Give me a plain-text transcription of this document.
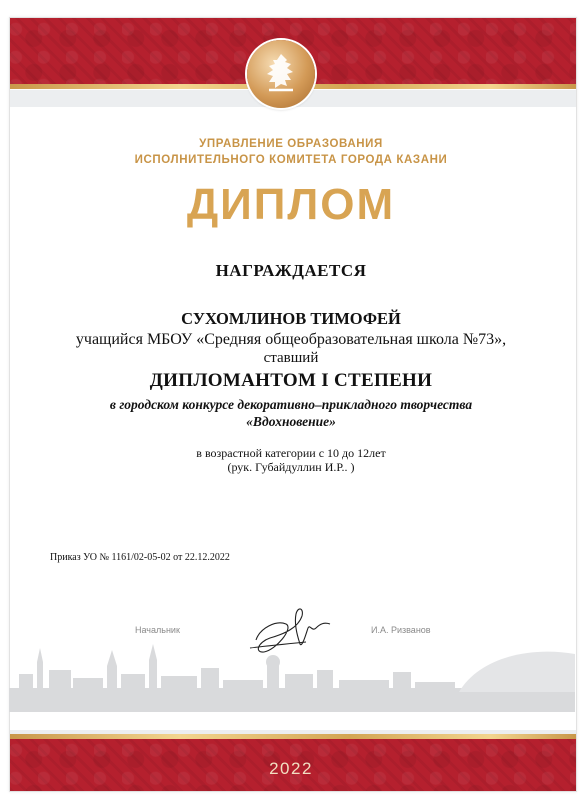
УПРАВЛЕНИЕ ОБРАЗОВАНИЯ
ИСПОЛНИТЕЛЬНОГО КОМИТЕТА ГОРОДА КАЗАНИ
ДИПЛОМ
НАГРАЖДАЕТСЯ
СУХОМЛИНОВ ТИМОФЕЙ
учащийся МБОУ «Средняя общеобразовательная школа №73»,
ставший
ДИПЛОМАНТОМ I СТЕПЕНИ
в городском конкурсе декоративно–прикладного творчества
«Вдохновение»
в возрастной категории с 10 до 12лет
(рук. Губайдуллин И.Р.. )
Приказ УО № 1161/02-05-02 от 22.12.2022
Начальник	И.А. Ризванов
2022
